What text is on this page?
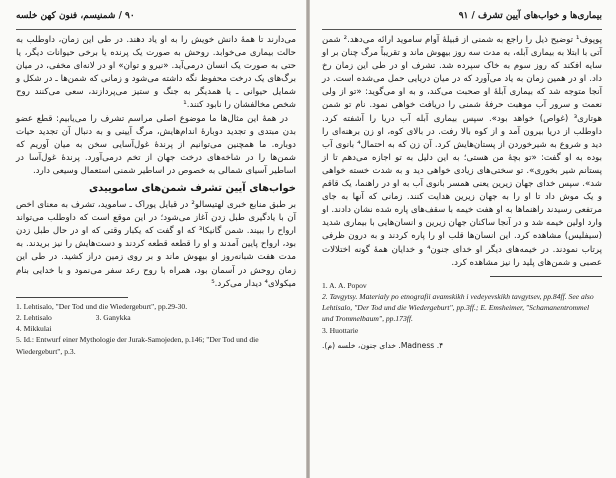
۹۰ / شمنیسم، فنون کهن خلسه

می‌دارند تا همهٔ دانش خویش را به او یاد دهند. در طی این زمان، داوطلب به حالت بیماری می‌خوابد. روحش به صورت یک پرنده یا برخی حیوانات دیگر، یا حتی به صورت یک انسان درمی‌آید. «نیرو و توان» او در لانه‌ای مخفی، در میان برگ‌های یک درخت محفوظ نگه داشته می‌شود و زمانی که شمن‌ها ـ در شکل و شمایل حیوانی ـ یا همدیگر به جنگ و ستیز می‌پردازند، سعی می‌کنند روح شخص مخالفشان را نابود کنند.¹

در همهٔ این مثال‌ها ما موضوع اصلی مراسم تشرف را می‌یابیم: قطع عضو بدن مبتدی و تجدید دوبارهٔ اندام‌هایش، مرگ آیینی و به دنبال آن تجدید حیات دوباره. ما همچنین می‌توانیم از پرندهٔ غول‌آسایی سخن به میان آوریم که شمن‌ها را در شاخه‌های درخت جهان از تخم درمی‌آورد. پرندهٔ غول‌آسا در اساطیر آسیای شمالی به خصوص در اساطیر شمنی استعمال وسیعی دارد.

خواب‌های آیین تشرف شمن‌های ساموییدی

بر طبق منابع خبری لهتیسالو² در قبایل یوراک ـ ساموید، تشرف به معنای اخص آن با یادگیری طبل زدن آغاز می‌شود؛ در این موقع است که داوطلب می‌تواند ارواح را ببیند. شمن گانیکا³ که او گفت که یکبار وقتی که او در حال طبل زدن بود، ارواح پایین آمدند و او را قطعه قطعه کردند و دست‌هایش را نیز بریدند. به مدت هفت شبانه‌روز او بیهوش ماند و بر روی زمین دراز کشید. در طی این زمان روحش در آسمان بود، همراه با روح رعد سفر می‌نمود و با خدایی بنام میکولای⁴ دیدار می‌کرد.⁵

1. Lehtisalo, "Der Tod und die Wiedergeburt", pp.29-30.

2. Lehtisalo	3. Ganykka

4. Mikkulai

5. Id.: Entwurf einer Mythologie der Jurak-Samojeden, p.146; "Der Tod und die Wiedergeburt", p.3.

بیماری‌ها و خواب‌های آیین تشرف / ۹۱

پوپوف¹ توضیح ذیل را راجع به شمنی از قبیلهٔ آوام ساموید ارائه می‌دهد.² شمن آتی با ابتلا به بیماری آبله، به مدت سه روز بیهوش ماند و تقریباً مرگ چنان بر او سایه افکند که روز سوم به خاک سپرده شد. تشرف او در طی این زمان رخ داد. او در همین زمان به یاد می‌آورد که در میان دریایی حمل می‌شده است. در آنجا متوجه شد که بیماری آبلهٔ او صحبت می‌کند، و به او می‌گوید: «تو از ولی نعمت و سرور آب موهبت حرفهٔ شمنی را دریافت خواهی نمود. نام تو شمن هوتاری³ (غواص) خواهد بود». سپس بیماری آبله آب دریا را آشفته کرد. داوطلب از دریا بیرون آمد و از کوه بالا رفت. در بالای کوه، او زن برهنه‌ای را دید و شروع به شیرخوردن از پستان‌هایش کرد. آن زن که به احتمال⁴ بانوی آب بوده به او گفت: «تو بچهٔ من هستی؛ به این دلیل به تو اجازه می‌دهم تا از پستانم شیر بخوری». تو سختی‌های زیادی خواهی دید و به شدت خسته خواهی شد». سپس خدای جهان زیرین یعنی همسر بانوی آب به او در راهنما، یک قاقم و یک موش داد تا او را به جهان زیرین هدایت کنند. زمانی که آنها به جای مرتفعی رسیدند راهنماها به او هفت خیمه با سقف‌های پاره شده نشان دادند. او وارد اولین خیمه شد و در آنجا ساکنان جهان زیرین و انسان‌هایی با بیماری شدید (سیفلیس) مشاهده کرد. این انسان‌ها قلب او را پاره کردند و به درون ظرفی پرتاب نمودند. در خیمه‌های دیگر او خدای جنون⁴ و خدایان همهٔ گونه اختلالات عصبی و شمن‌های پلید را نیز مشاهده کرد.

1. A. A. Popov

2. Tavgytsy. Materialy po etnografii avamskikh i vedeyevskikh tavgytsev, pp.84ff. See also Lehtisalo, "Der Tod und die Wiedergeburt", pp.3ff.; E. Emsheimer, "Schamanentrommel und Trommelbaum", pp.173ff.

3. Huottarie

۴. Madness. خدای جنون، خلسه (م).
